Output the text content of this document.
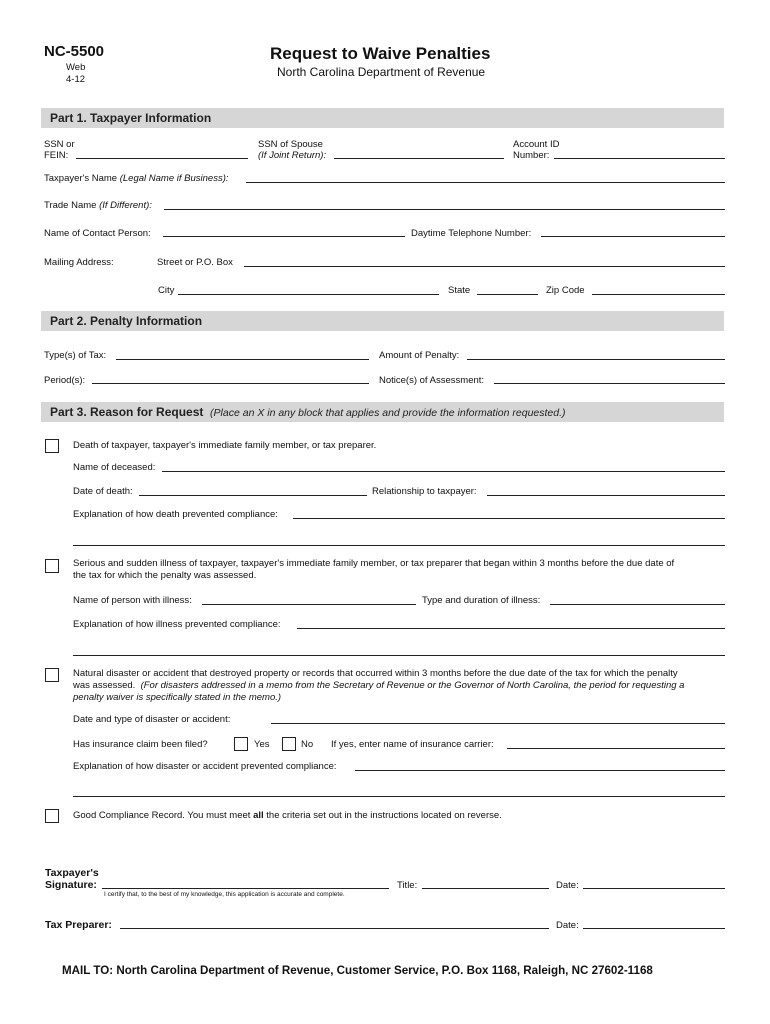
NC-5500
Web
4-12
Request to Waive Penalties
North Carolina Department of Revenue
Part 1. Taxpayer Information
SSN or
FEIN:
SSN of Spouse
(If Joint Return):
Account ID
Number:
Taxpayer's Name (Legal Name if Business):
Trade Name (If Different):
Name of Contact Person:	Daytime Telephone Number:
Mailing Address:	Street or P.O. Box
City	State	Zip Code
Part 2. Penalty Information
Type(s) of Tax:	Amount of Penalty:
Period(s):	Notice(s) of Assessment:
Part 3. Reason for Request (Place an X in any block that applies and provide the information requested.)
Death of taxpayer, taxpayer's immediate family member, or tax preparer.
Name of deceased:
Date of death:	Relationship to taxpayer:
Explanation of how death prevented compliance:
Serious and sudden illness of taxpayer, taxpayer's immediate family member, or tax preparer that began within 3 months before the due date of
the tax for which the penalty was assessed.
Name of person with illness:	Type and duration of illness:
Explanation of how illness prevented compliance:
Natural disaster or accident that destroyed property or records that occurred within 3 months before the due date of the tax for which the penalty
was assessed. (For disasters addressed in a memo from the Secretary of Revenue or the Governor of North Carolina, the period for requesting a
penalty waiver is specifically stated in the memo.)
Date and type of disaster or accident:
Has insurance claim been filed?	Yes	No If yes, enter name of insurance carrier:
Explanation of how disaster or accident prevented compliance:
Good Compliance Record. You must meet all the criteria set out in the instructions located on reverse.
Taxpayer's
Signature:
I certify that, to the best of my knowledge, this application is accurate and complete.
Title:	Date:
Tax Preparer:	Date:
MAIL TO: North Carolina Department of Revenue, Customer Service, P.O. Box 1168, Raleigh, NC 27602-1168
